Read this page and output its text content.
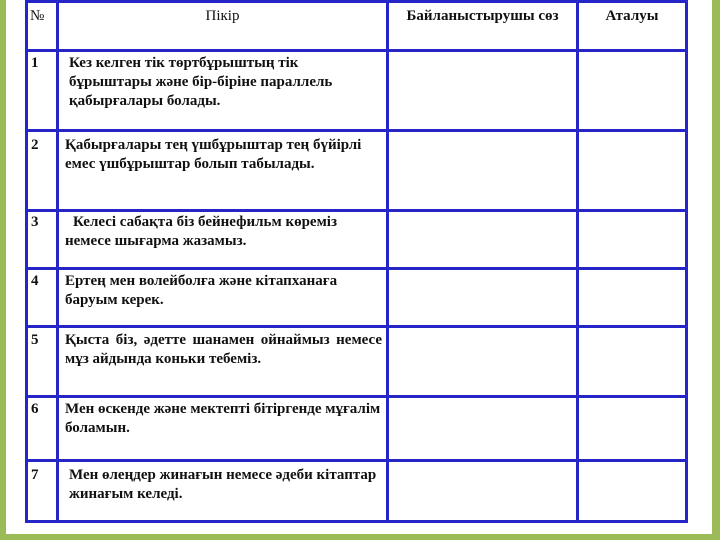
№	Пікір	Байланыстырушы сөз	Аталуы
1	Кез келген тік төртбұрыштың тік бұрыштары және бір-біріне параллель қабырғалары болады.		
2	Қабырғалары тең үшбұрыштар тең бүйірлі емес үшбұрыштар болып табылады.		
3	Келесі сабақта біз бейнефильм көреміз немесе шығарма жазамыз.		
4	Ертең мен волейболға және кітапханаға баруым керек.		
5	Қыста біз, әдетте шанамен ойнаймыз немесе мұз айдында коньки тебеміз.		
6	Мен өскенде және мектепті бітіргенде мұғалім боламын.		
7	Мен өлеңдер жинағын немесе әдеби кітаптар жинағым келеді.		
